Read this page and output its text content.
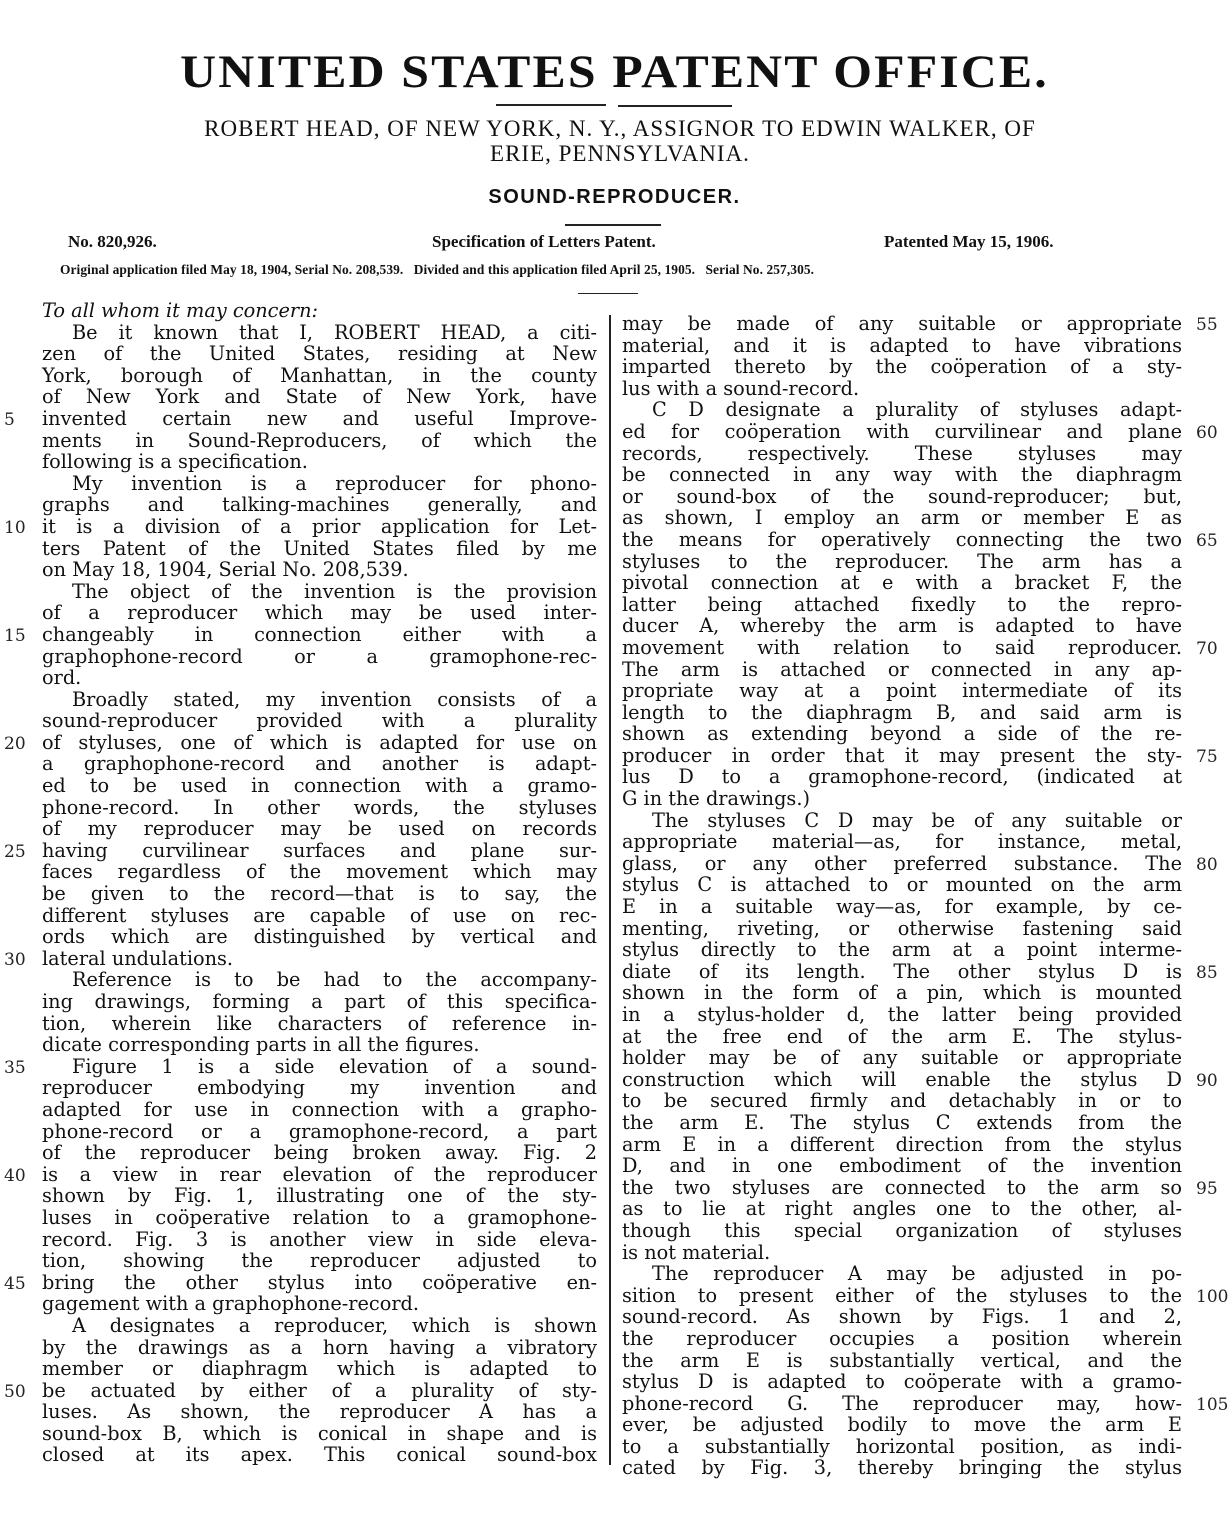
UNITED STATES PATENT OFFICE.
ROBERT HEAD, OF NEW YORK, N. Y., ASSIGNOR TO EDWIN WALKER, OF
ERIE, PENNSYLVANIA.
SOUND-REPRODUCER.
No. 820,926.	Specification of Letters Patent.	Patented May 15, 1906.
Original application filed May 18, 1904, Serial No. 208,539. Divided and this application filed April 25, 1905. Serial No. 257,305.
To all whom it may concern:
Be it known that I, ROBERT HEAD, a citi-
zen of the United States, residing at New
York, borough of Manhattan, in the county
of New York and State of New York, have
invented certain new and useful Improve-
ments in Sound-Reproducers, of which the
following is a specification.
My invention is a reproducer for phono-
graphs and talking-machines generally, and
it is a division of a prior application for Let-
ters Patent of the United States filed by me
on May 18, 1904, Serial No. 208,539.
The object of the invention is the provision
of a reproducer which may be used inter-
changeably in connection either with a
graphophone-record or a gramophone-rec-
ord.
Broadly stated, my invention consists of a
sound-reproducer provided with a plurality
of styluses, one of which is adapted for use on
a graphophone-record and another is adapt-
ed to be used in connection with a gramo-
phone-record. In other words, the styluses
of my reproducer may be used on records
having curvilinear surfaces and plane sur-
faces regardless of the movement which may
be given to the record—that is to say, the
different styluses are capable of use on rec-
ords which are distinguished by vertical and
lateral undulations.
Reference is to be had to the accompany-
ing drawings, forming a part of this specifica-
tion, wherein like characters of reference in-
dicate corresponding parts in all the figures.
Figure 1 is a side elevation of a sound-
reproducer embodying my invention and
adapted for use in connection with a grapho-
phone-record or a gramophone-record, a part
of the reproducer being broken away. Fig. 2
is a view in rear elevation of the reproducer
shown by Fig. 1, illustrating one of the sty-
luses in coöperative relation to a gramophone-
record. Fig. 3 is another view in side eleva-
tion, showing the reproducer adjusted to
bring the other stylus into coöperative en-
gagement with a graphophone-record.
A designates a reproducer, which is shown
by the drawings as a horn having a vibratory
member or diaphragm which is adapted to
be actuated by either of a plurality of sty-
luses. As shown, the reproducer A has a
sound-box B, which is conical in shape and is
closed at its apex. This conical sound-box
may be made of any suitable or appropriate
material, and it is adapted to have vibrations
imparted thereto by the coöperation of a sty-
lus with a sound-record.
C D designate a plurality of styluses adapt-
ed for coöperation with curvilinear and plane
records, respectively. These styluses may
be connected in any way with the diaphragm
or sound-box of the sound-reproducer; but,
as shown, I employ an arm or member E as
the means for operatively connecting the two
styluses to the reproducer. The arm has a
pivotal connection at e with a bracket F, the
latter being attached fixedly to the repro-
ducer A, whereby the arm is adapted to have
movement with relation to said reproducer.
The arm is attached or connected in any ap-
propriate way at a point intermediate of its
length to the diaphragm B, and said arm is
shown as extending beyond a side of the re-
producer in order that it may present the sty-
lus D to a gramophone-record, (indicated at
G in the drawings.)
The styluses C D may be of any suitable or
appropriate material—as, for instance, metal,
glass, or any other preferred substance. The
stylus C is attached to or mounted on the arm
E in a suitable way—as, for example, by ce-
menting, riveting, or otherwise fastening said
stylus directly to the arm at a point interme-
diate of its length. The other stylus D is
shown in the form of a pin, which is mounted
in a stylus-holder d, the latter being provided
at the free end of the arm E. The stylus-
holder may be of any suitable or appropriate
construction which will enable the stylus D
to be secured firmly and detachably in or to
the arm E. The stylus C extends from the
arm E in a different direction from the stylus
D, and in one embodiment of the invention
the two styluses are connected to the arm so
as to lie at right angles one to the other, al-
though this special organization of styluses
is not material.
The reproducer A may be adjusted in po-
sition to present either of the styluses to the
sound-record. As shown by Figs. 1 and 2,
the reproducer occupies a position wherein
the arm E is substantially vertical, and the
stylus D is adapted to coöperate with a gramo-
phone-record G. The reproducer may, how-
ever, be adjusted bodily to move the arm E
to a substantially horizontal position, as indi-
cated by Fig. 3, thereby bringing the stylus
5
10
15
20
25
30
35
40
45
50
55
60
65
70
75
80
85
90
95
100
105
